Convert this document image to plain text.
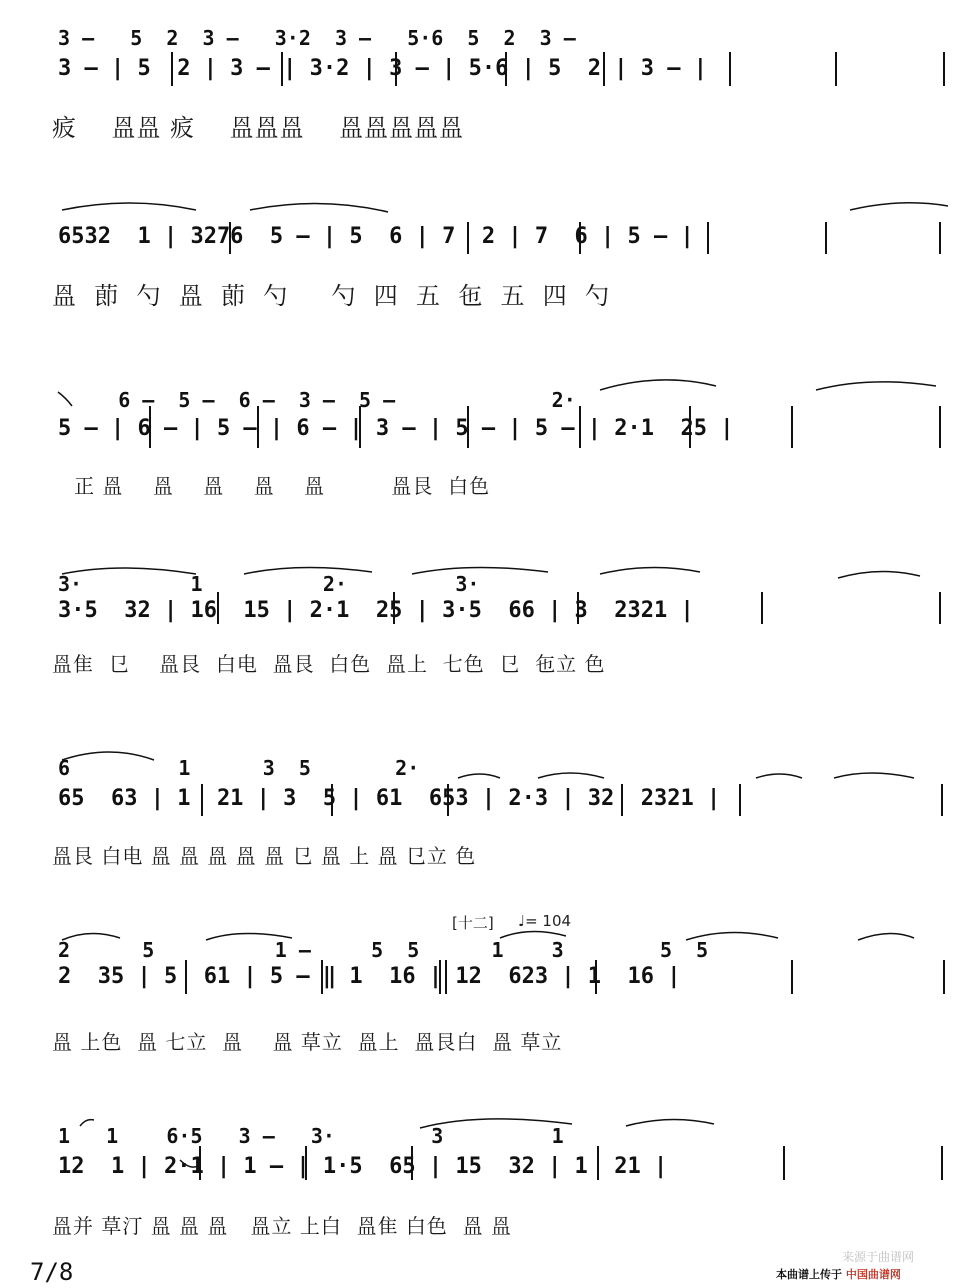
3 –   5  2  3 –   3·2  3 –   5·6  5  2  3 –
3 – | 5  2 | 3 – | 3·2 | 3 – | 5·6 | 5  2 | 3 – |
㽹    𥁕𥁕 㽹    𥁕𥁕𥁕    𥁕𥁕𥁕𥁕𥁕
6532  1 | 3276  5 – | 5  6 | 7  2 | 7  6 | 5 – |
𥁕  莭  勺  𥁕  莭  勺     勺  四  五  㐌  五  四  勺
6 –  5 –  6 –  3 –  5 –             2·
5 – | 6 – | 5 – | 6 – | 3 – | 5 – | 5 – | 2·1  25 |
正 𥁕    𥁕    𥁕    𥁕    𥁕         𥁕艮  白色
3·         1          2·         3·
3·5  32 | 16  15 | 2·1  25 | 3·5  66 | 3  2321 |
𥁕隹  㔾    𥁕艮  白电  𥁕艮  白色  𥁕上  七色  㔾  㐌立 色
6         1      3  5       2·
65  63 | 1  21 | 3  5 | 61  653 | 2·3 | 32  2321 |
𥁕艮 白电 𥁕 𥁕 𥁕 𥁕 𥁕 㔾 𥁕 上 𥁕 㔾立 色
[十二] ♩= 104
2      5          1 –     5  5      1    3        5  5
2  35 | 5  61 | 5 – ‖ 1  16 | 12  623 | 1  16 |
𥁕 上色  𥁕 七立  𥁕    𥁕 草立  𥁕上  𥁕艮白  𥁕 草立
1   1    6·5   3 –   3·        3         1
12  1 | 2·1 | 1 – | 1·5  65 | 15  32 | 1  21 |
𥁕并 草汀 𥁕 𥁕 𥁕   𥁕立 上白  𥁕隹 白色  𥁕 𥁕
7/8
来源于曲谱网
本曲谱上传于 中国曲谱网
